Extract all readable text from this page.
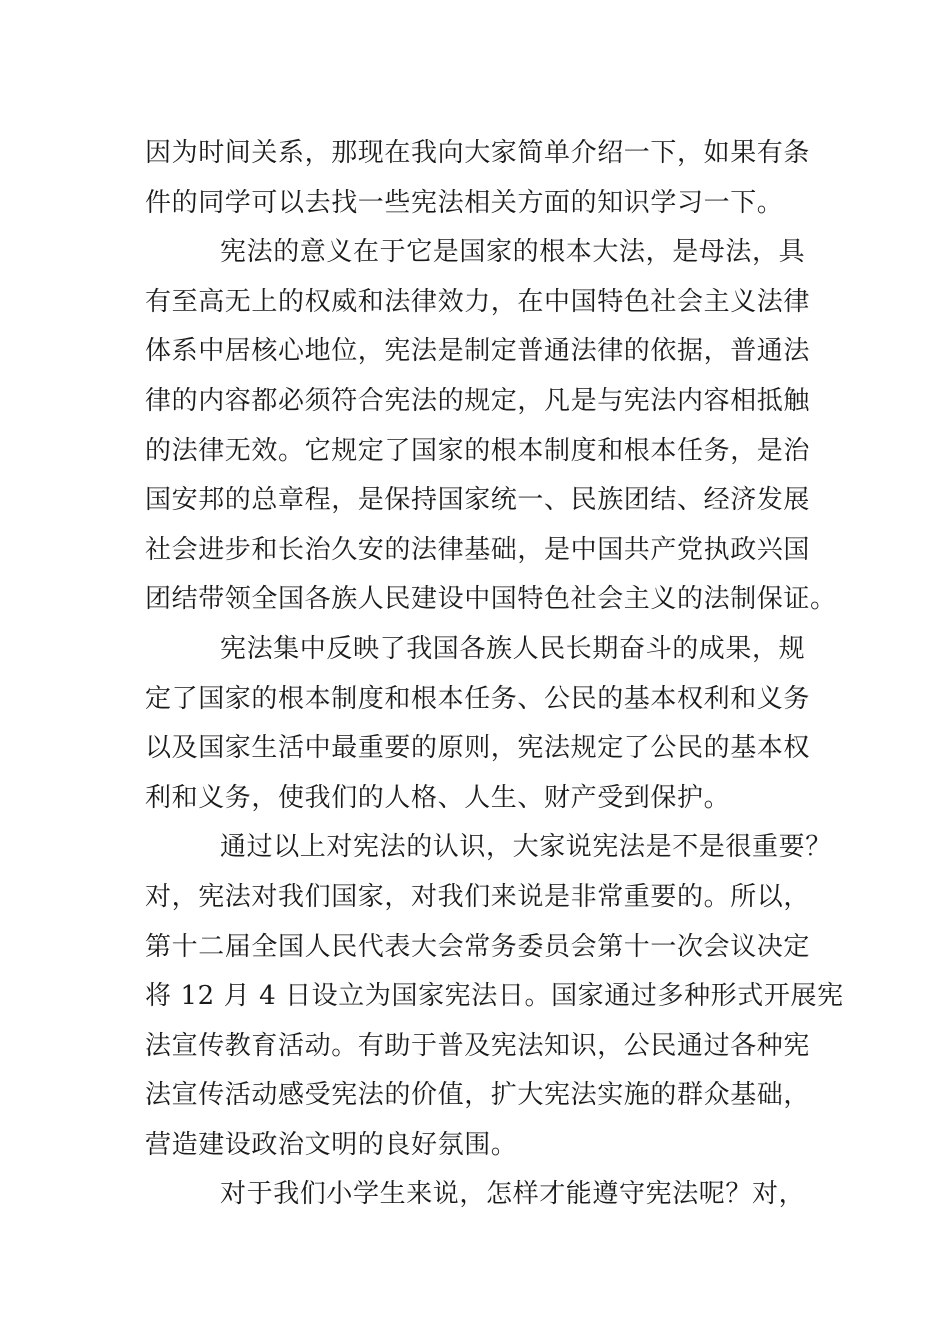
因为时间关系，那现在我向大家简单介绍一下，如果有条
件的同学可以去找一些宪法相关方面的知识学习一下。
宪法的意义在于它是国家的根本大法，是母法，具
有至高无上的权威和法律效力，在中国特色社会主义法律
体系中居核心地位，宪法是制定普通法律的依据，普通法
律的内容都必须符合宪法的规定，凡是与宪法内容相抵触
的法律无效。它规定了国家的根本制度和根本任务，是治
国安邦的总章程，是保持国家统一、民族团结、经济发展
社会进步和长治久安的法律基础，是中国共产党执政兴国
团结带领全国各族人民建设中国特色社会主义的法制保证。
宪法集中反映了我国各族人民长期奋斗的成果，规
定了国家的根本制度和根本任务、公民的基本权利和义务
以及国家生活中最重要的原则，宪法规定了公民的基本权
利和义务，使我们的人格、人生、财产受到保护。
通过以上对宪法的认识，大家说宪法是不是很重要？
对，宪法对我们国家，对我们来说是非常重要的。所以，
第十二届全国人民代表大会常务委员会第十一次会议决定
将 12 月 4 日设立为国家宪法日。国家通过多种形式开展宪
法宣传教育活动。有助于普及宪法知识，公民通过各种宪
法宣传活动感受宪法的价值，扩大宪法实施的群众基础，
营造建设政治文明的良好氛围。
对于我们小学生来说，怎样才能遵守宪法呢？对，
